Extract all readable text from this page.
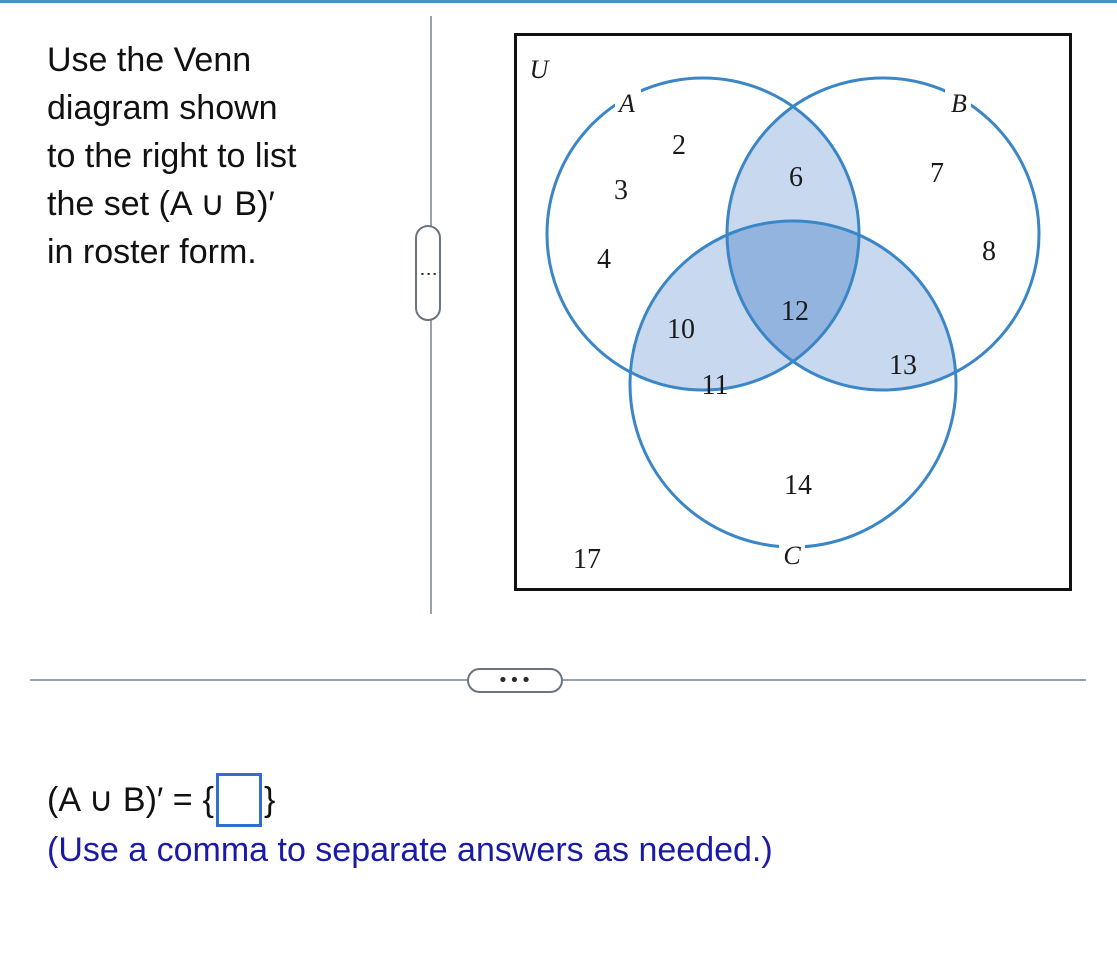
Use the Venn
diagram shown
to the right to list
the set (A ∪ B)′
in roster form.
⋮
A	B
C
U
2
3
4
6	7
8
12
10
11
13
14
17
•••
(A ∪ B)′ = { }
(Use a comma to separate answers as needed.)
